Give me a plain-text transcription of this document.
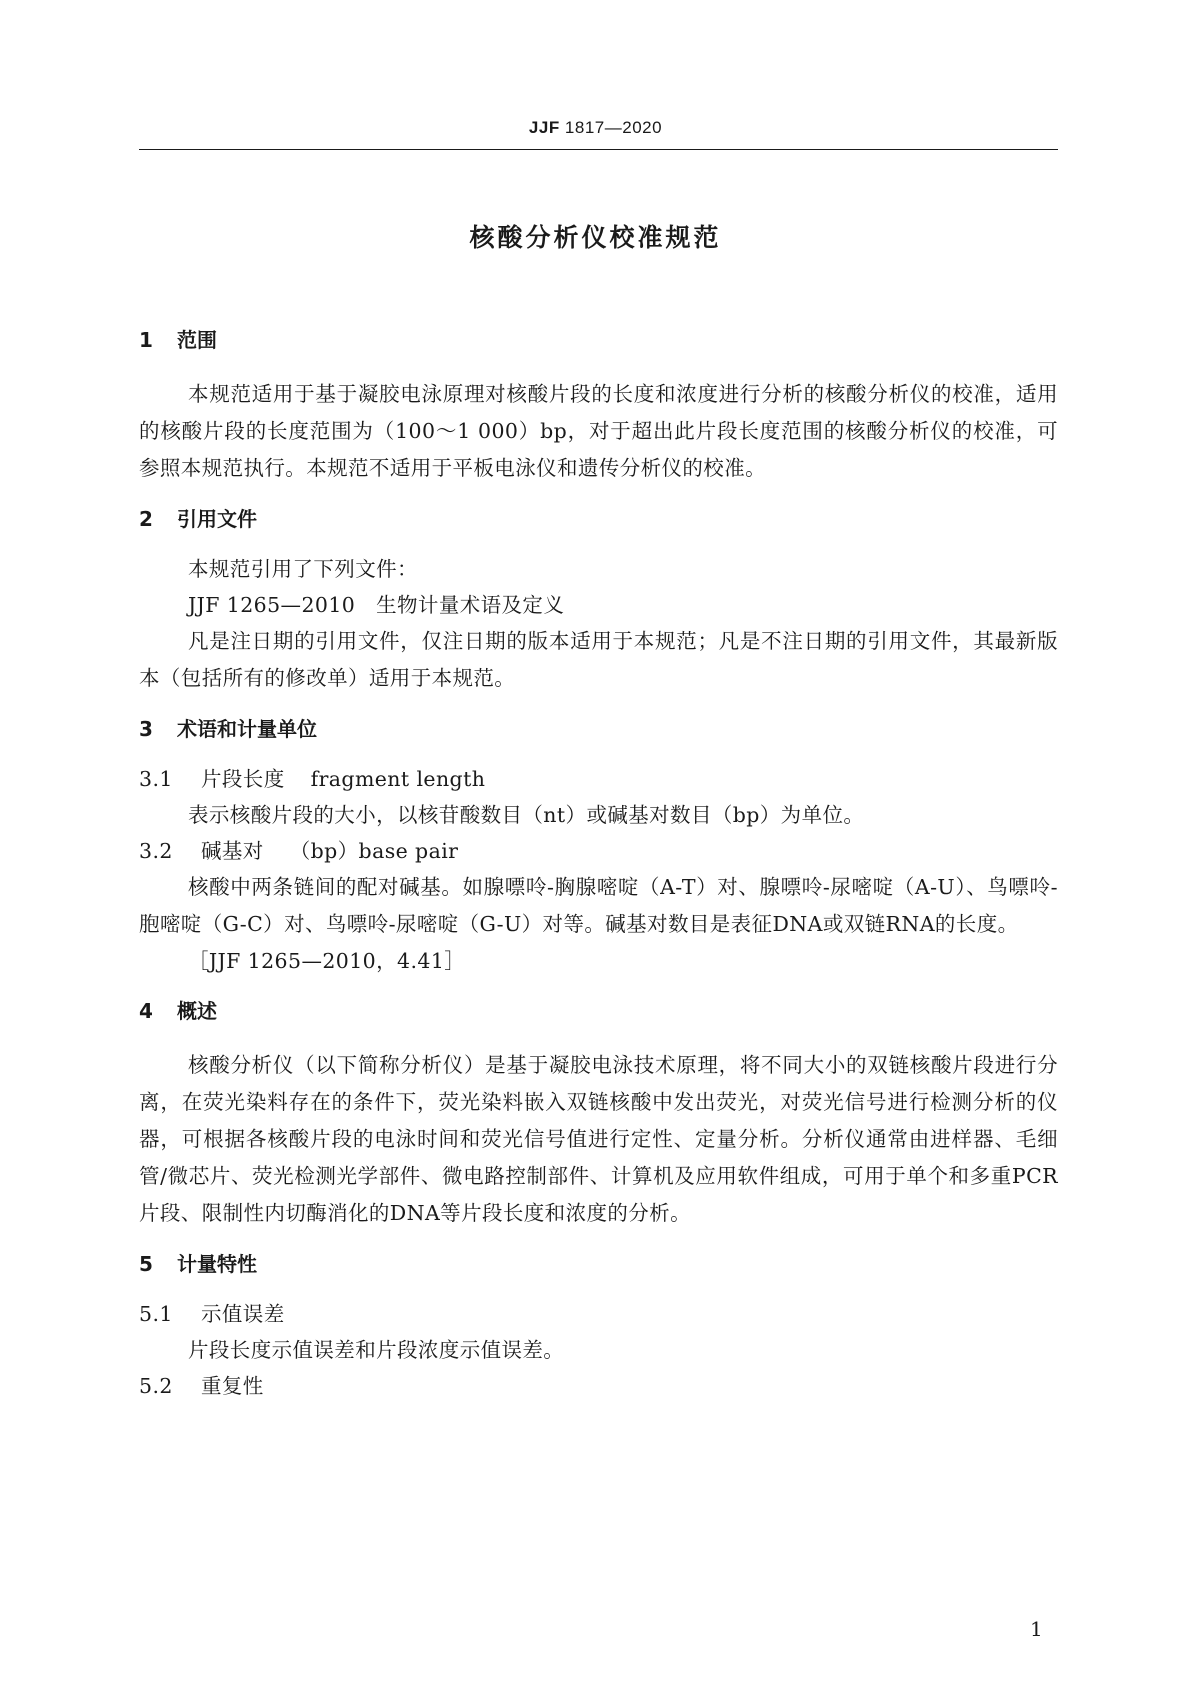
JJF 1817—2020
核酸分析仪校准规范
1 范围

本规范适用于基于凝胶电泳原理对核酸片段的长度和浓度进行分析的核酸分析仪的校准，适用的核酸片段的长度范围为（100～1 000）bp，对于超出此片段长度范围的核酸分析仪的校准，可参照本规范执行。本规范不适用于平板电泳仪和遗传分析仪的校准。

2 引用文件

本规范引用了下列文件：

JJF 1265—2010　生物计量术语及定义

凡是注日期的引用文件，仅注日期的版本适用于本规范；凡是不注日期的引用文件，其最新版本（包括所有的修改单）适用于本规范。

3 术语和计量单位
3.1 片段长度 fragment length

表示核酸片段的大小，以核苷酸数目（nt）或碱基对数目（bp）为单位。

3.2 碱基对 （bp）base pair

核酸中两条链间的配对碱基。如腺嘌呤-胸腺嘧啶（A-T）对、腺嘌呤-尿嘧啶（A-U）、鸟嘌呤-胞嘧啶（G-C）对、鸟嘌呤-尿嘧啶（G-U）对等。碱基对数目是表征DNA或双链RNA的长度。

［JJF 1265—2010，4.41］

4 概述

核酸分析仪（以下简称分析仪）是基于凝胶电泳技术原理，将不同大小的双链核酸片段进行分离，在荧光染料存在的条件下，荧光染料嵌入双链核酸中发出荧光，对荧光信号进行检测分析的仪器，可根据各核酸片段的电泳时间和荧光信号值进行定性、定量分析。分析仪通常由进样器、毛细管/微芯片、荧光检测光学部件、微电路控制部件、计算机及应用软件组成，可用于单个和多重PCR片段、限制性内切酶消化的DNA等片段长度和浓度的分析。

5 计量特性
5.1 示值误差

片段长度示值误差和片段浓度示值误差。

5.2 重复性
1
